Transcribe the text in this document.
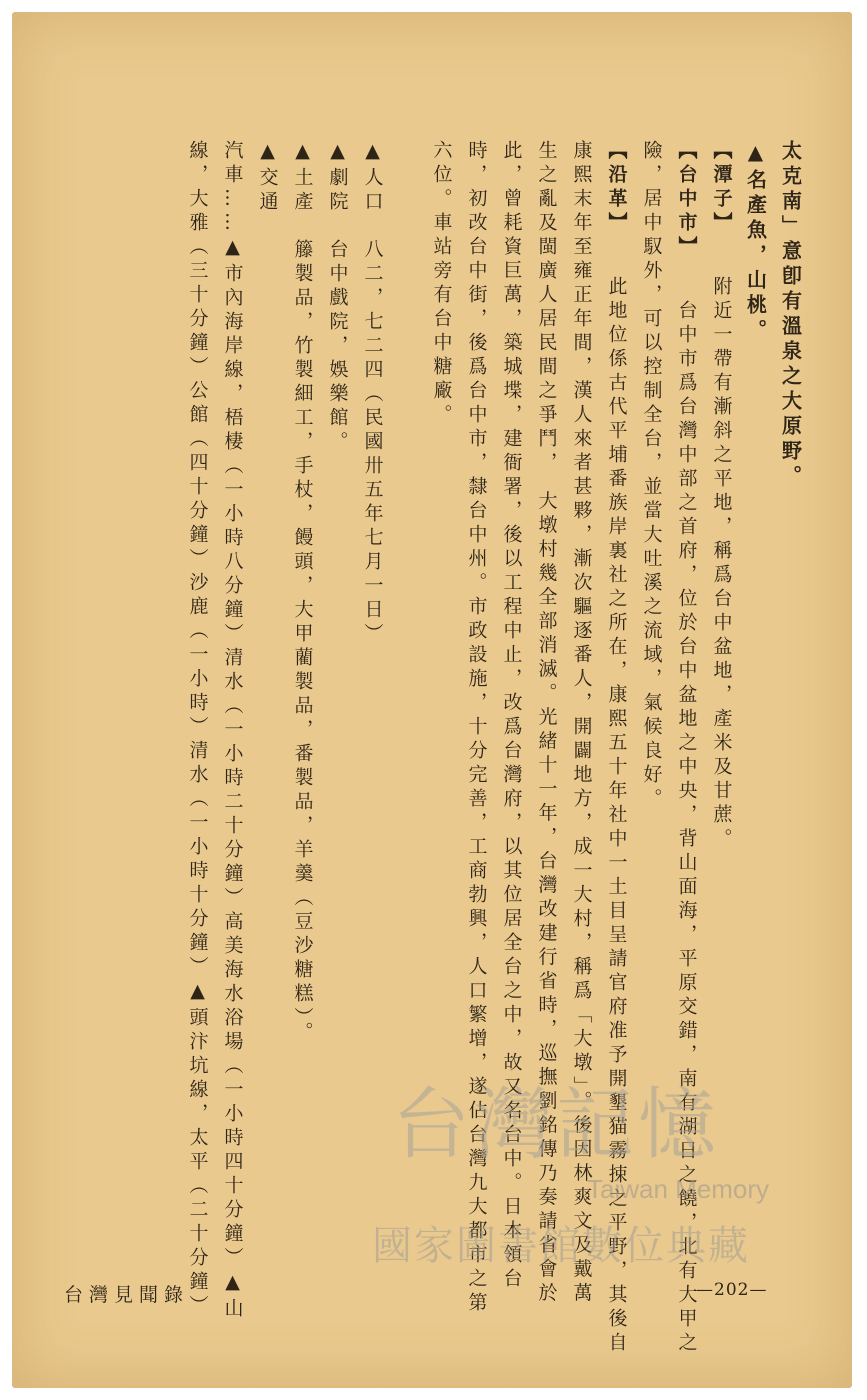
太克南」意卽有溫泉之大原野。
▲名產魚，山桃。
【潭子】附近一帶有漸斜之平地，稱爲台中盆地，產米及甘蔗。
【台中市】台中市爲台灣中部之首府，位於台中盆地之中央，背山面海，平原交錯，南有湖日之饒，北有大甲之
險，居中馭外，可以控制全台，並當大吐溪之流域，氣候良好。
【沿革】此地位係古代平埔番族岸裏社之所在，康熙五十年社中一土目呈請官府准予開墾猫霧捒之平野，其後自
康熙末年至雍正年間，漢人來者甚夥，漸次驅逐番人，開闢地方，成一大村，稱爲「大墩」。後因林爽文及戴萬
生之亂及閩廣人居民間之爭鬥，　大墩村幾全部消滅。光緒十一年，台灣改建行省時，巡撫劉銘傳乃奏請省會於
此，曾耗資巨萬，築城堞，建衙署，後以工程中止，改爲台灣府，以其位居全台之中，故又名台中。日本領台
時，初改台中街，後爲台中市，隸台中州。市政設施，十分完善，工商勃興，人口繁增，遂佔台灣九大都市之第
六位。車站旁有台中糖廠。
▲人口　八二，七二四（民國卅五年七月一日）
▲劇院　台中戲院，娛樂館。
▲土產　籐製品，竹製細工，手杖，饅頭，大甲藺製品，番製品，羊羹（豆沙糖糕）。
▲交通
汽車……▲市內海岸線，梧棲（一小時八分鐘）清水（一小時二十分鐘）高美海水浴場（一小時四十分鐘）▲山
線，大雅（三十分鐘）公館（四十分鐘）沙鹿（一小時）清水（一小時十分鐘）▲頭汴坑線，太平（二十分鐘）
台灣見聞錄	—202—
台灣記憶
Taiwan Memory
國家圖書館數位典藏
